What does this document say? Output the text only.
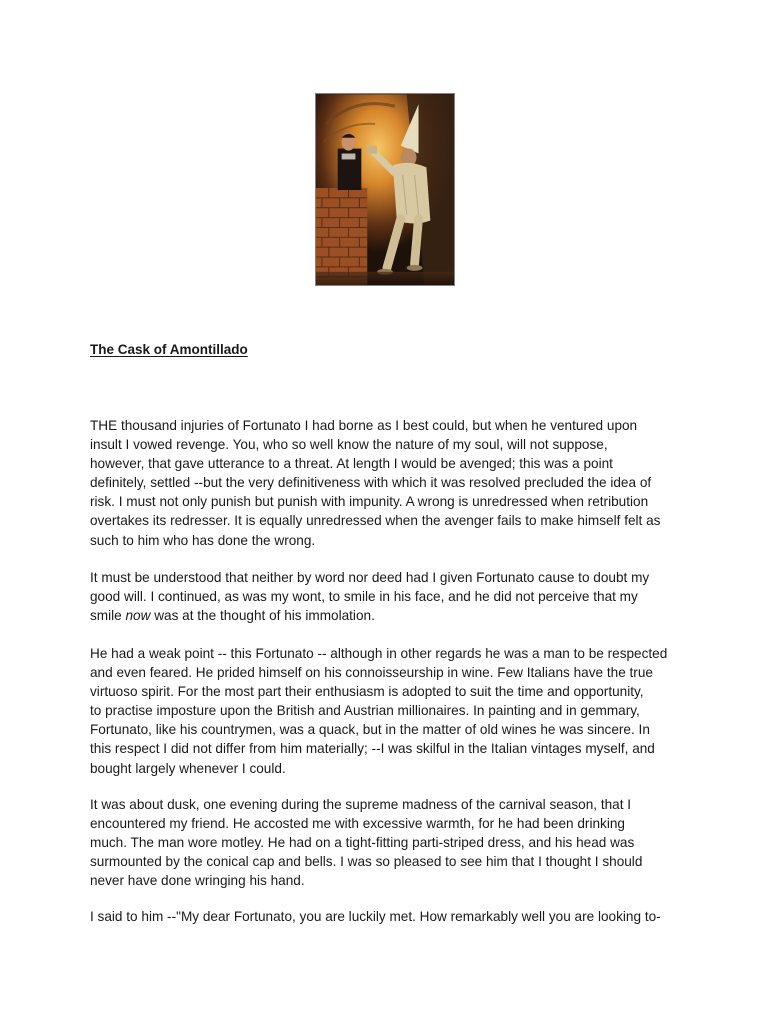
The Cask of Amontillado

THE thousand injuries of Fortunato I had borne as I best could, but when he ventured upon
insult I vowed revenge. You, who so well know the nature of my soul, will not suppose,
however, that gave utterance to a threat. At length I would be avenged; this was a point
definitely, settled --but the very definitiveness with which it was resolved precluded the idea of
risk. I must not only punish but punish with impunity. A wrong is unredressed when retribution
overtakes its redresser. It is equally unredressed when the avenger fails to make himself felt as
such to him who has done the wrong.

It must be understood that neither by word nor deed had I given Fortunato cause to doubt my
good will. I continued, as was my wont, to smile in his face, and he did not perceive that my
smile now was at the thought of his immolation.

He had a weak point -- this Fortunato -- although in other regards he was a man to be respected
and even feared. He prided himself on his connoisseurship in wine. Few Italians have the true
virtuoso spirit. For the most part their enthusiasm is adopted to suit the time and opportunity,
to practise imposture upon the British and Austrian millionaires. In painting and in gemmary,
Fortunato, like his countrymen, was a quack, but in the matter of old wines he was sincere. In
this respect I did not differ from him materially; --I was skilful in the Italian vintages myself, and
bought largely whenever I could.

It was about dusk, one evening during the supreme madness of the carnival season, that I
encountered my friend. He accosted me with excessive warmth, for he had been drinking
much. The man wore motley. He had on a tight-fitting parti-striped dress, and his head was
surmounted by the conical cap and bells. I was so pleased to see him that I thought I should
never have done wringing his hand.

I said to him --"My dear Fortunato, you are luckily met. How remarkably well you are looking to-
